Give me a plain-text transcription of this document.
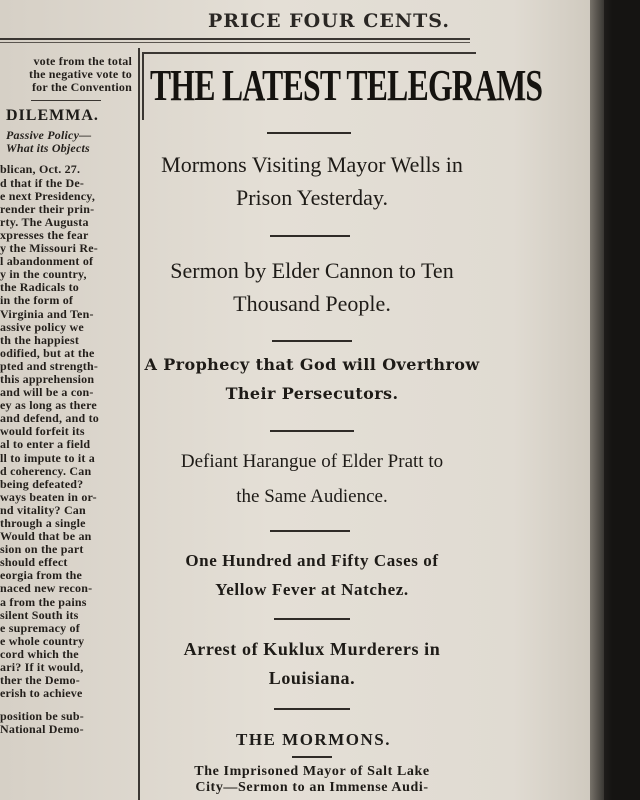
PRICE FOUR CENTS.
vote from the total
the negative vote to
for the Convention
DILEMMA.
Passive Policy—
What its Objects
blican, Oct. 27.
d that if the De-
e next Presidency,
render their prin-
rty. The Augusta
xpresses the fear
y the Missouri Re-
l abandonment of
y in the country,
the Radicals to
in the form of
Virginia and Ten-
assive policy we
th the happiest
odified, but at the
pted and strength-
this apprehension
and will be a con-
ey as long as there
and defend, and to
would forfeit its
al to enter a field
ll to impute to it a
d coherency. Can
being defeated?
ways beaten in or-
nd vitality? Can
through a single
Would that be an
sion on the part
should effect
eorgia from the
naced new recon-
a from the pains
silent South its
e supremacy of
e whole country
cord which the
ari? If it would,
ther the Demo-
erish to achieve
position be sub-
National Demo-
THE LATEST TELEGRAMS
Mormons Visiting Mayor Wells in
Prison Yesterday.
Sermon by Elder Cannon to Ten
Thousand People.
A Prophecy that God will Overthrow
Their Persecutors.
Defiant Harangue of Elder Pratt to
the Same Audience.
One Hundred and Fifty Cases of
Yellow Fever at Natchez.
Arrest of Kuklux Murderers in
Louisiana.
THE MORMONS.
The Imprisoned Mayor of Salt Lake
City—Sermon to an Immense Audi-
